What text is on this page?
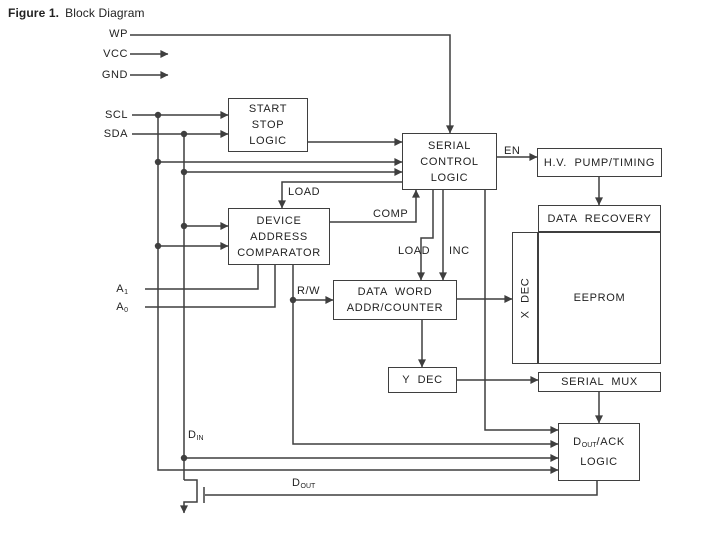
Figure 1. Block Diagram
START
STOP
LOGIC	SERIAL
CONTROL
LOGIC
H.V. PUMP/TIMING
DATA RECOVERY
X DEC	EEPROM
SERIAL MUX
DEVICE
ADDRESS
COMPARATOR
DATA WORD
ADDR/COUNTER
Y DEC
$D_{OUT}$/ACK
LOGIC
WP
VCC
GND
SCL
SDA
$A_1$
$A_0$
$D_{IN}$
$D_{OUT}$
LOAD
COMP
LOAD INC
EN
R/W
